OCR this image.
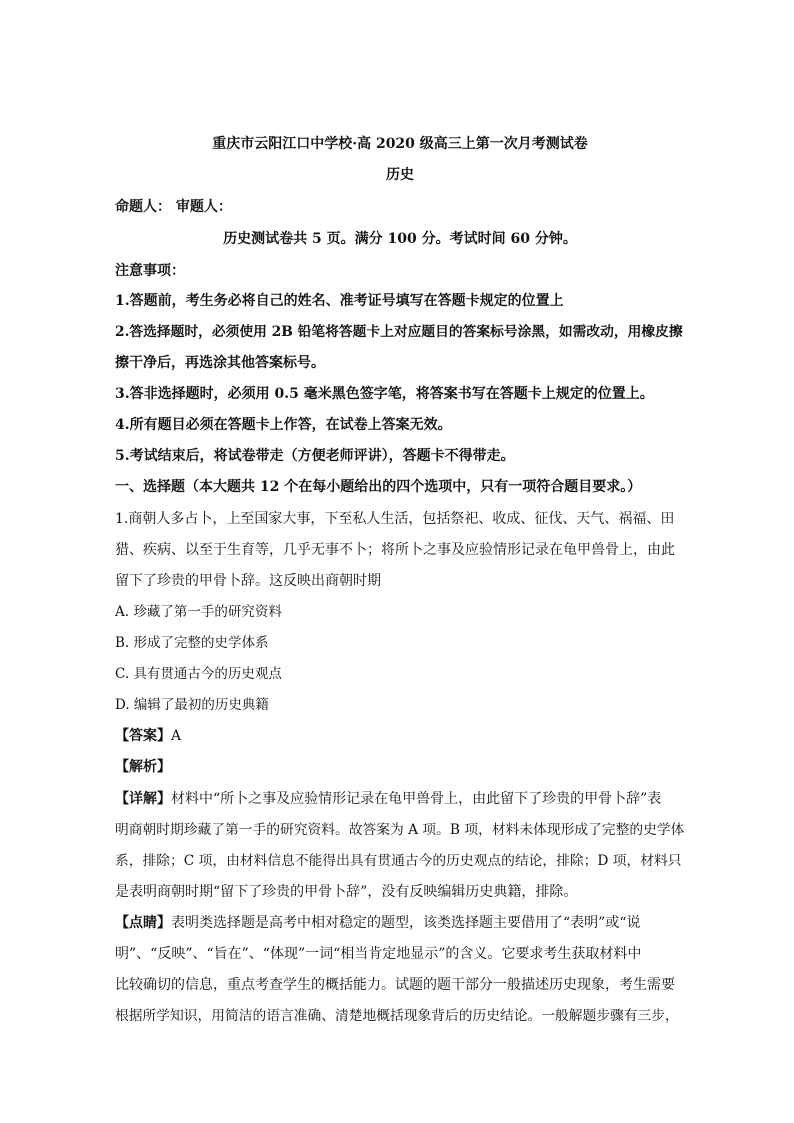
重庆市云阳江口中学校·高 2020 级高三上第一次月考测试卷
历史
命题人： 审题人：
历史测试卷共 5 页。满分 100 分。考试时间 60 分钟。
注意事项：
1.答题前，考生务必将自己的姓名、准考证号填写在答题卡规定的位置上
2.答选择题时，必须使用 2B 铅笔将答题卡上对应题目的答案标号涂黑，如需改动，用橡皮擦
擦干净后，再选涂其他答案标号。
3.答非选择题时，必须用 0.5 毫米黑色签字笔，将答案书写在答题卡上规定的位置上。
4.所有题目必须在答题卡上作答，在试卷上答案无效。
5.考试结束后，将试卷带走（方便老师评讲），答题卡不得带走。
一、选择题（本大题共 12 个在每小题给出的四个选项中，只有一项符合题目要求。）
1.商朝人多占卜，上至国家大事，下至私人生活，包括祭祀、收成、征伐、天气、祸福、田
猎、疾病、以至于生育等，几乎无事不卜；将所卜之事及应验情形记录在龟甲兽骨上，由此
留下了珍贵的甲骨卜辞。这反映出商朝时期
A. 珍藏了第一手的研究资料
B. 形成了完整的史学体系
C. 具有贯通古今的历史观点
D. 编辑了最初的历史典籍
【答案】A
【解析】
【详解】材料中“所卜之事及应验情形记录在龟甲兽骨上，由此留下了珍贵的甲骨卜辞”表
明商朝时期珍藏了第一手的研究资料。故答案为 A 项。B 项，材料未体现形成了完整的史学体
系，排除；C 项，由材料信息不能得出具有贯通古今的历史观点的结论，排除；D 项，材料只
是表明商朝时期“留下了珍贵的甲骨卜辞”，没有反映编辑历史典籍，排除。
【点睛】表明类选择题是高考中相对稳定的题型，该类选择题主要借用了“表明”或“说
明”、“反映”、“旨在”、“体现”一词“相当肯定地显示”的含义。它要求考生获取材料中
比较确切的信息，重点考查学生的概括能力。试题的题干部分一般描述历史现象，考生需要
根据所学知识，用简洁的语言准确、清楚地概括现象背后的历史结论。一般解题步骤有三步，
